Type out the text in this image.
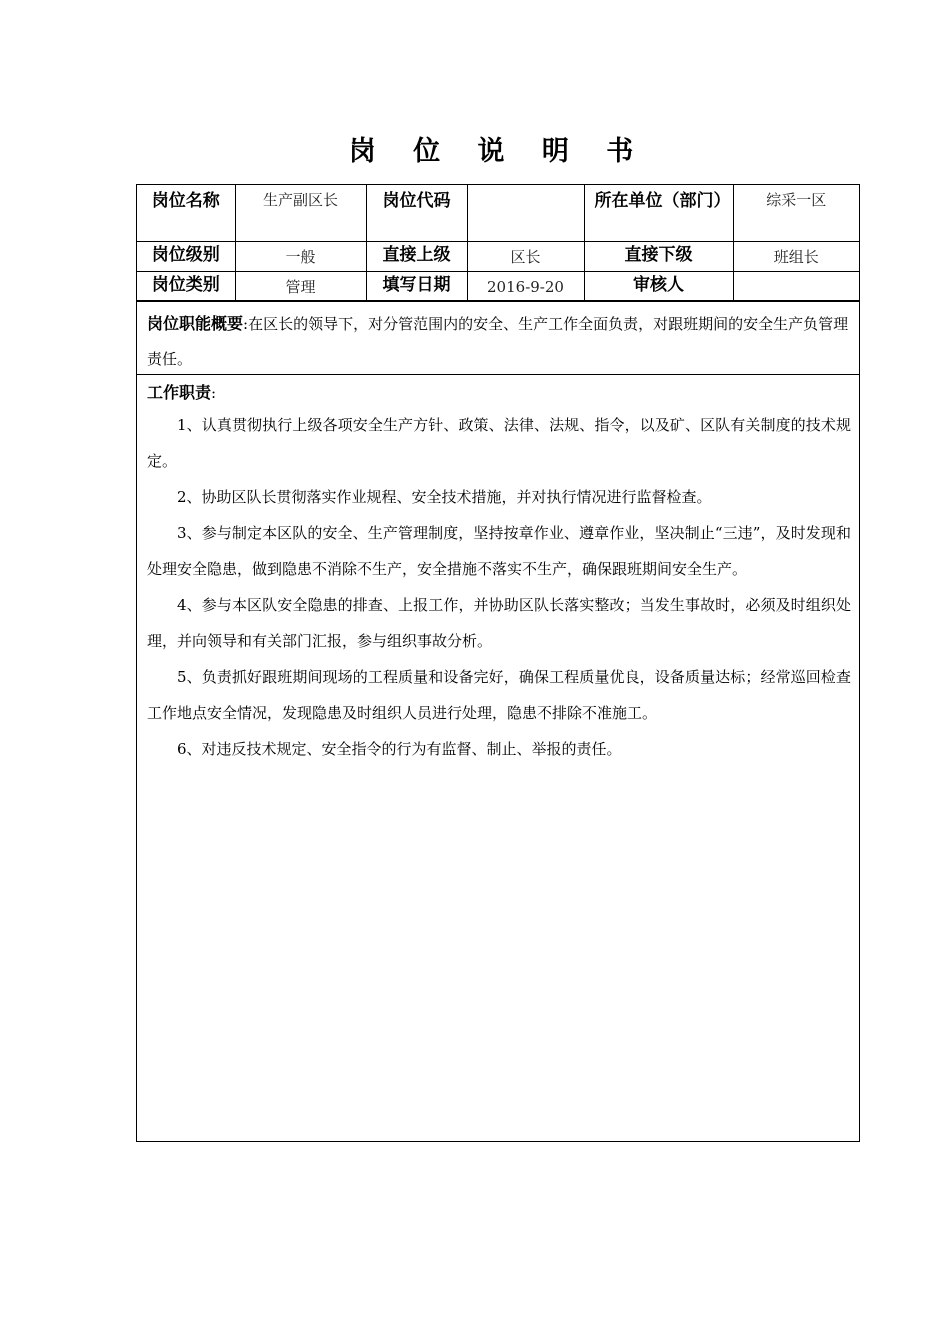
岗 位 说 明 书
岗位名称	生产副区长	岗位代码		所在单位（部门）	综采一区
岗位级别	一般	直接上级	区长	直接下级	班组长
岗位类别	管理	填写日期	2016-9-20	审核人	
岗位职能概要:在区长的领导下，对分管范围内的安全、生产工作全面负责，对跟班期间的安全生产负管理责任。
工作职责:

1、认真贯彻执行上级各项安全生产方针、政策、法律、法规、指令，以及矿、区队有关制度的技术规定。

2、协助区队长贯彻落实作业规程、安全技术措施，并对执行情况进行监督检查。

3、参与制定本区队的安全、生产管理制度，坚持按章作业、遵章作业，坚决制止“三违”，及时发现和处理安全隐患，做到隐患不消除不生产，安全措施不落实不生产，确保跟班期间安全生产。

4、参与本区队安全隐患的排查、上报工作，并协助区队长落实整改；当发生事故时，必须及时组织处理，并向领导和有关部门汇报，参与组织事故分析。

5、负责抓好跟班期间现场的工程质量和设备完好，确保工程质量优良，设备质量达标；经常巡回检查工作地点安全情况，发现隐患及时组织人员进行处理，隐患不排除不准施工。

6、对违反技术规定、安全指令的行为有监督、制止、举报的责任。
